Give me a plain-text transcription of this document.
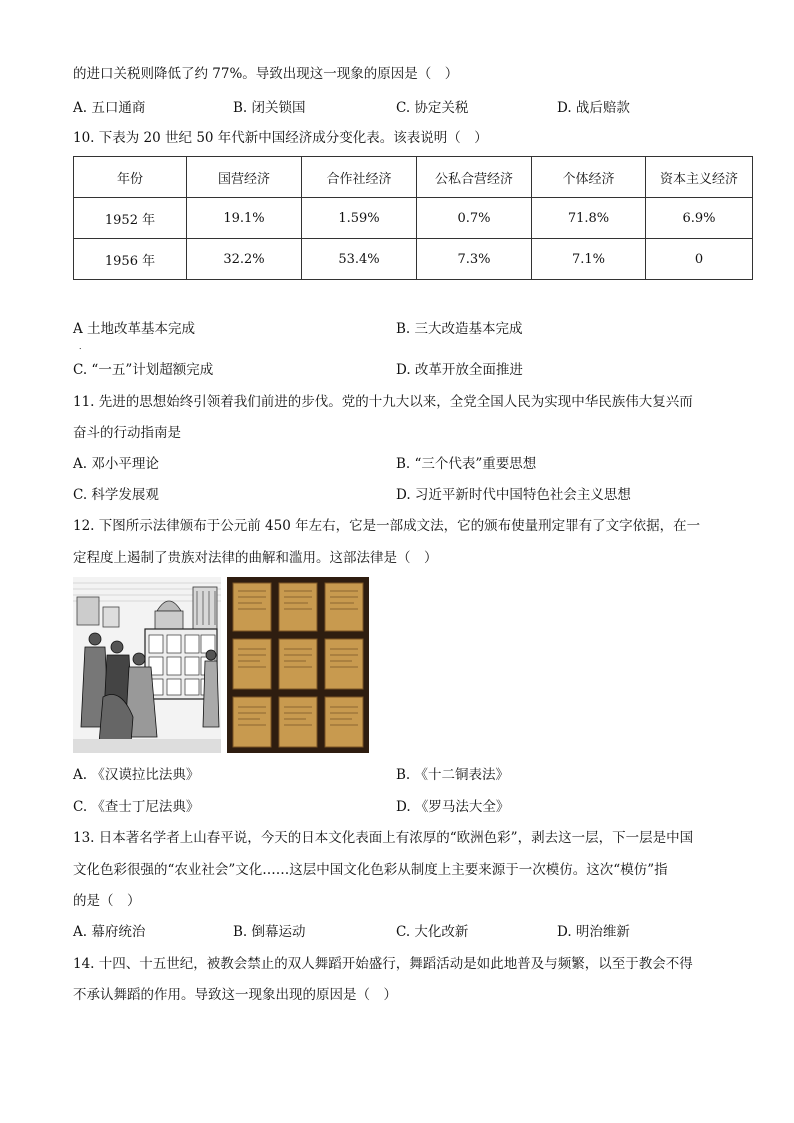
的进口关税则降低了约 77%。导致出现这一现象的原因是（　）
A. 五口通商	B. 闭关锁国	C. 协定关税	D. 战后赔款
10. 下表为 20 世纪 50 年代新中国经济成分变化表。该表说明（　）
年份	国营经济	合作社经济	公私合营经济	个体经济	资本主义经济
1952 年	19.1%	1.59%	0.7%	71.8%	6.9%
1956 年	32.2%	53.4%	7.3%	7.1%	0
A 土地改革基本完成
．
B. 三大改造基本完成
C. “一五”计划超额完成	D. 改革开放全面推进
11. 先进的思想始终引领着我们前进的步伐。党的十九大以来，全党全国人民为实现中华民族伟大复兴而
奋斗的行动指南是
A. 邓小平理论	B. “三个代表”重要思想
C. 科学发展观	D. 习近平新时代中国特色社会主义思想
12. 下图所示法律颁布于公元前 450 年左右，它是一部成文法，它的颁布使量刑定罪有了文字依据，在一
定程度上遏制了贵族对法律的曲解和滥用。这部法律是（　）
A. 《汉谟拉比法典》	B. 《十二铜表法》
C. 《查士丁尼法典》	D. 《罗马法大全》
13. 日本著名学者上山春平说，今天的日本文化表面上有浓厚的“欧洲色彩”，剥去这一层，下一层是中国
文化色彩很强的“农业社会”文化……这层中国文化色彩从制度上主要来源于一次模仿。这次“模仿”指
的是（　）
A. 幕府统治	B. 倒幕运动	C. 大化改新	D. 明治维新
14. 十四、十五世纪，被教会禁止的双人舞蹈开始盛行，舞蹈活动是如此地普及与频繁，以至于教会不得
不承认舞蹈的作用。导致这一现象出现的原因是（　）
